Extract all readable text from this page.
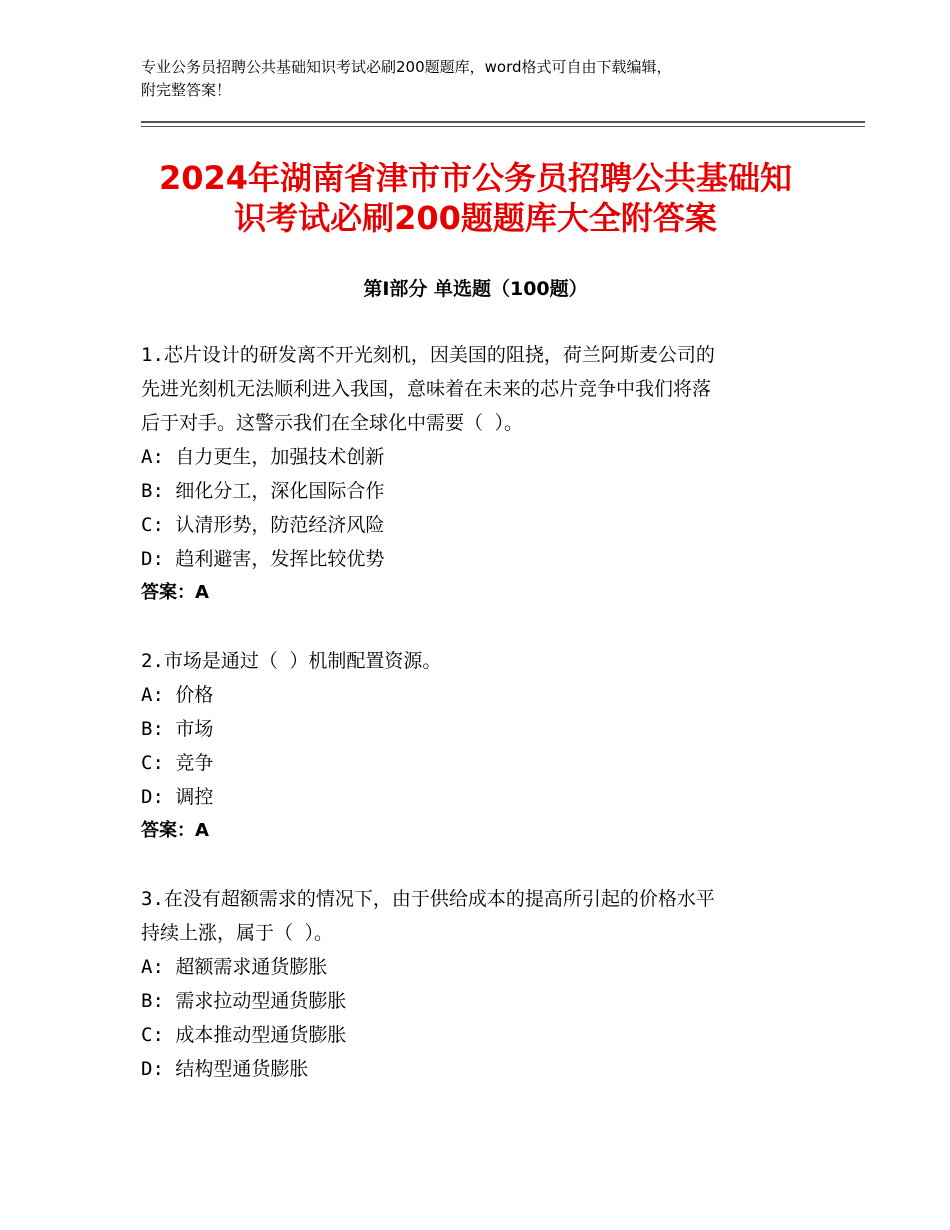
专业公务员招聘公共基础知识考试必刷200题题库，word格式可自由下载编辑，
附完整答案！
2024年湖南省津市市公务员招聘公共基础知
识考试必刷200题题库大全附答案
第Ⅰ部分 单选题（100题）

1.芯片设计的研发离不开光刻机，因美国的阻挠，荷兰阿斯麦公司的

先进光刻机无法顺利进入我国，意味着在未来的芯片竞争中我们将落

后于对手。这警示我们在全球化中需要（ ）。

A: 自力更生，加强技术创新

B: 细化分工，深化国际合作

C: 认清形势，防范经济风险

D: 趋利避害，发挥比较优势

答案：A

2.市场是通过（ ）机制配置资源。

A: 价格

B: 市场

C: 竞争

D: 调控

答案：A

3.在没有超额需求的情况下，由于供给成本的提高所引起的价格水平

持续上涨，属于（ ）。

A: 超额需求通货膨胀

B: 需求拉动型通货膨胀

C: 成本推动型通货膨胀

D: 结构型通货膨胀
